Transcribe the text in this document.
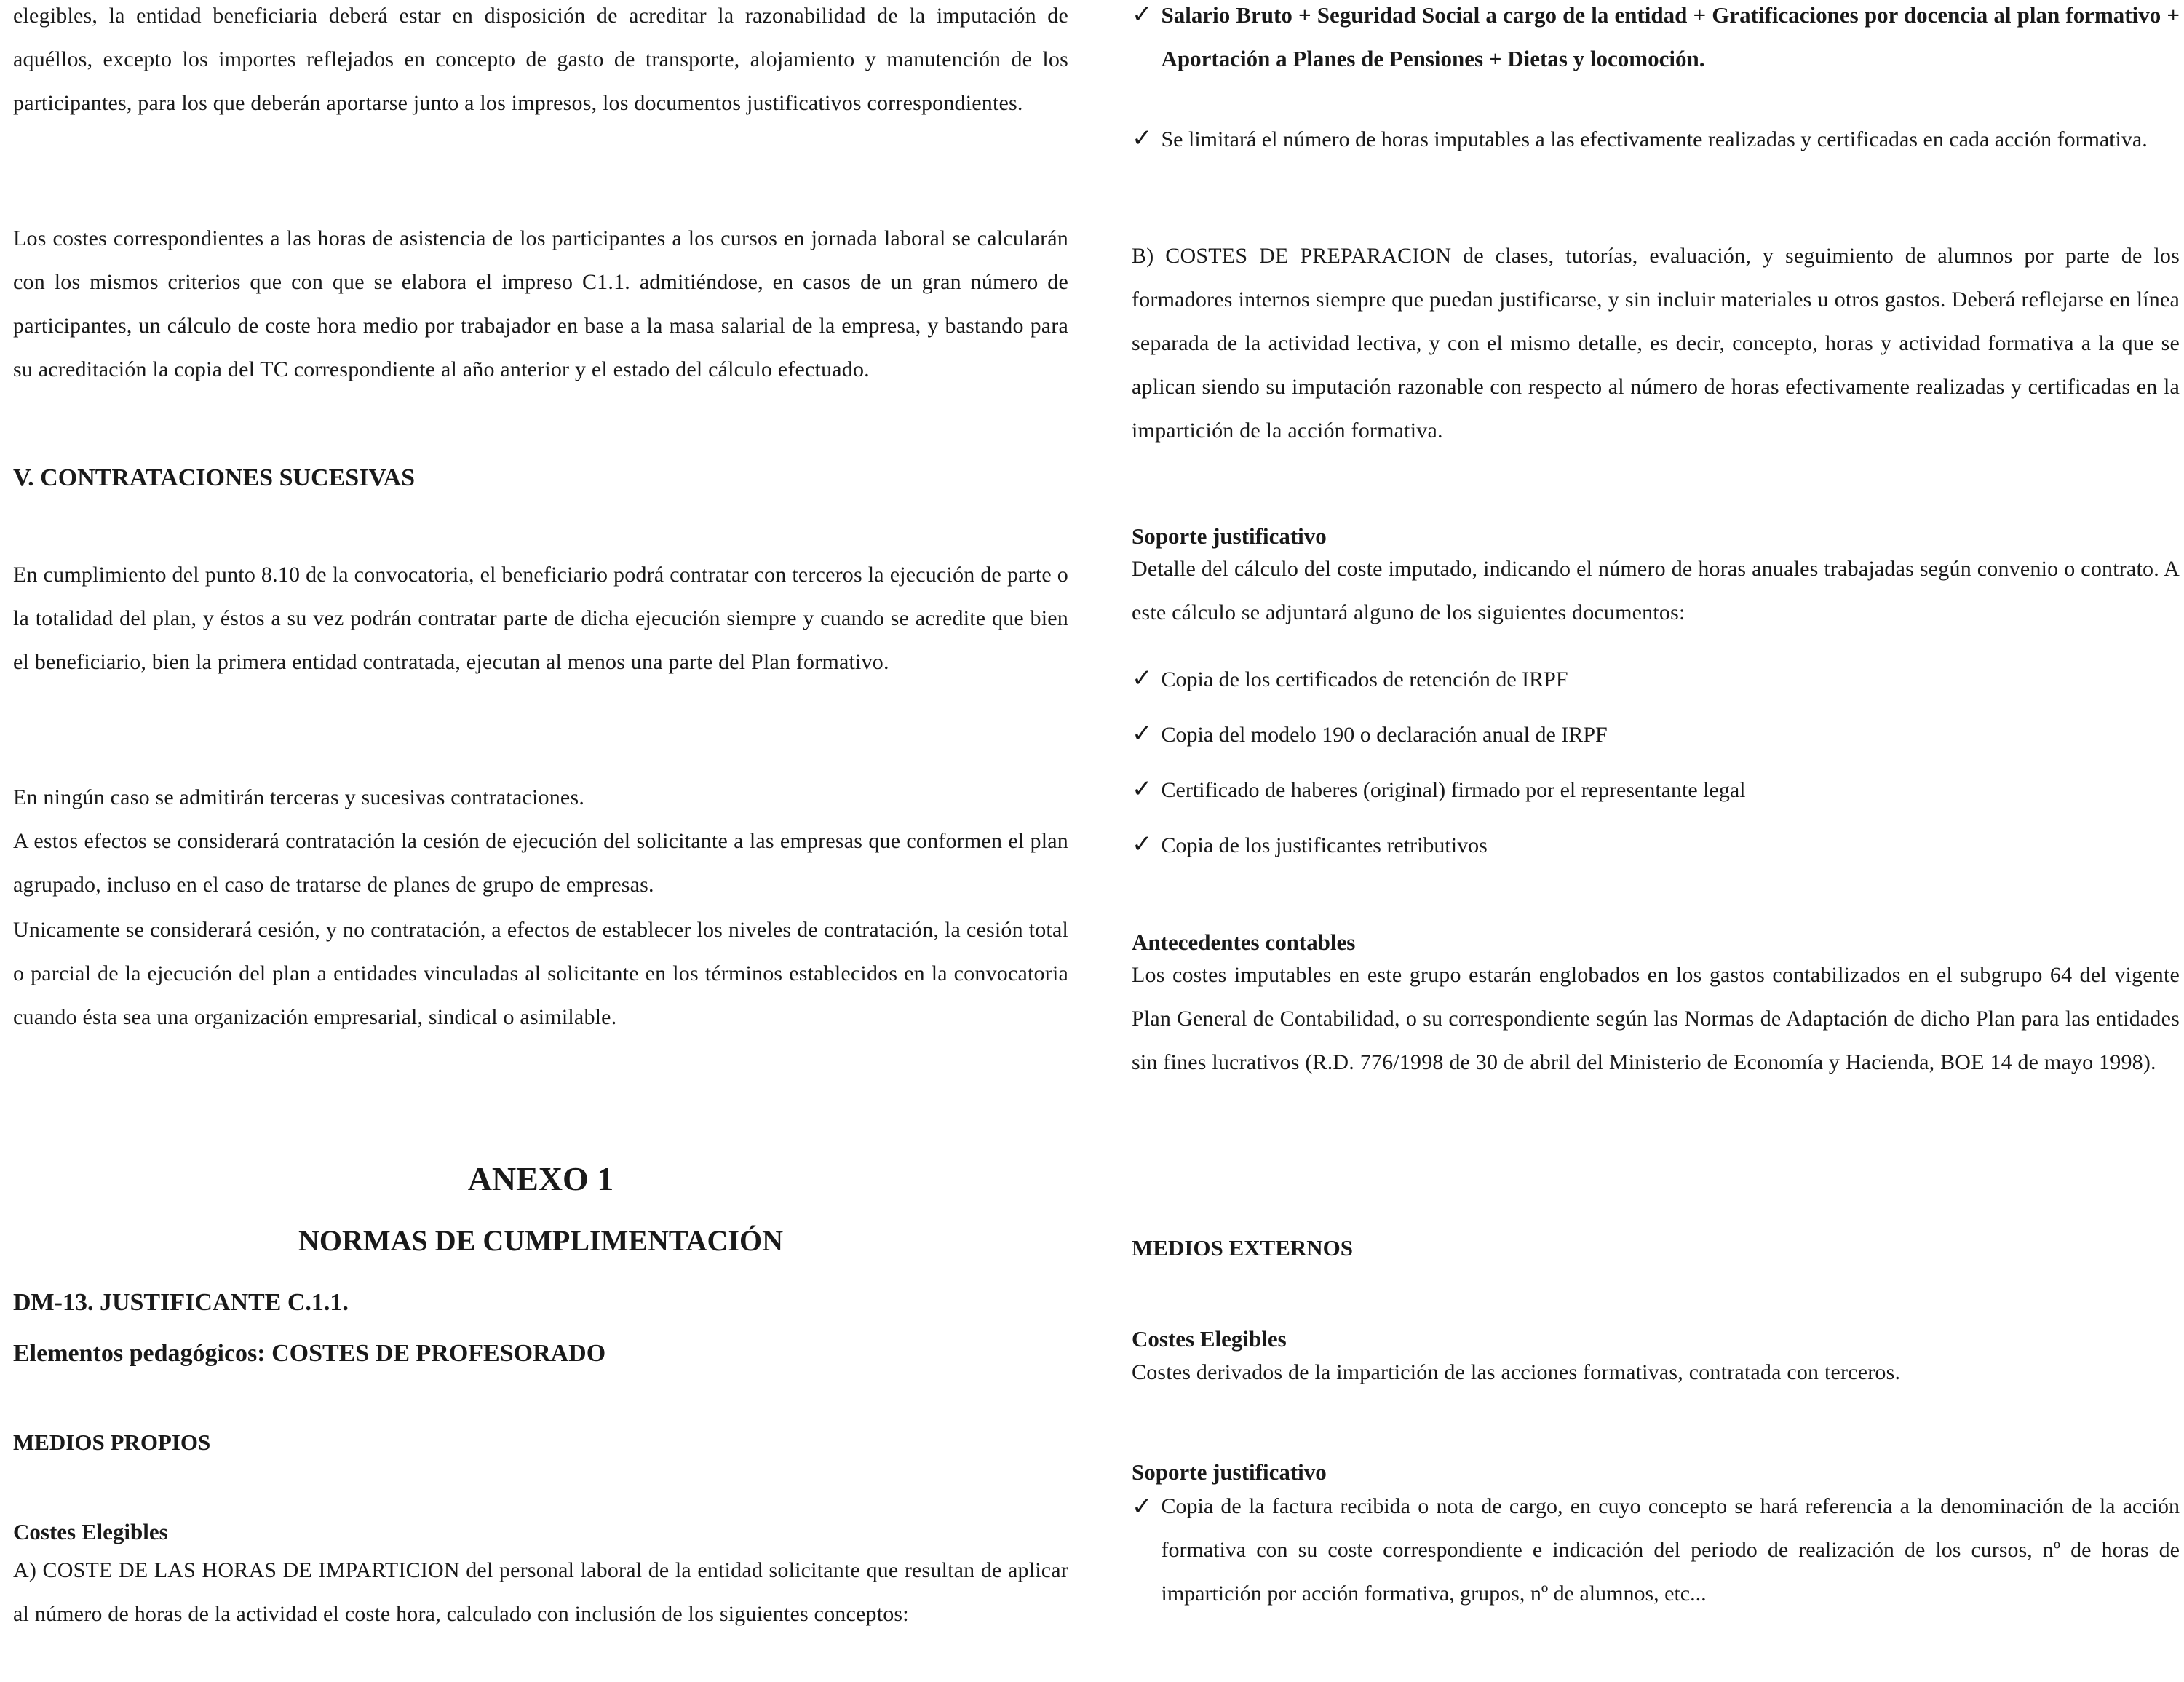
elegibles, la entidad beneficiaria deberá estar en disposición de acreditar la razonabilidad de la imputación de aquéllos, excepto los importes reflejados en concepto de gasto de transporte, alojamiento y manutención de los participantes, para los que deberán aportarse junto a los impresos, los documentos justificativos correspondientes.

Los costes correspondientes a las horas de asistencia de los participantes a los cursos en jornada laboral se calcularán con los mismos criterios que con que se elabora el impreso C1.1. admitiéndose, en casos de un gran número de participantes, un cálculo de coste hora medio por trabajador en base a la masa salarial de la empresa, y bastando para su acreditación la copia del TC correspondiente al año anterior y el estado del cálculo efectuado.

V. CONTRATACIONES SUCESIVAS

En cumplimiento del punto 8.10 de la convocatoria, el beneficiario podrá contratar con terceros la ejecución de parte o la totalidad del plan, y éstos a su vez podrán contratar parte de dicha ejecución siempre y cuando se acredite que bien el beneficiario, bien la primera entidad contratada, ejecutan al menos una parte del Plan formativo.

En ningún caso se admitirán terceras y sucesivas contrataciones.

A estos efectos se considerará contratación la cesión de ejecución del solicitante a las empresas que conformen el plan agrupado, incluso en el caso de tratarse de planes de grupo de empresas.

Unicamente se considerará cesión, y no contratación, a efectos de establecer los niveles de contratación, la cesión total o parcial de la ejecución del plan a entidades vinculadas al solicitante en los términos establecidos en la convocatoria cuando ésta sea una organización empresarial, sindical o asimilable.

ANEXO 1
NORMAS DE CUMPLIMENTACIÓN
DM-13. JUSTIFICANTE C.1.1.
Elementos pedagógicos: COSTES DE PROFESORADO
MEDIOS PROPIOS
Costes Elegibles

A) COSTE DE LAS HORAS DE IMPARTICION del personal laboral de la entidad solicitante que resultan de aplicar al número de horas de la actividad el coste hora, calculado con inclusión de los siguientes conceptos:

✓ Salario Bruto + Seguridad Social a cargo de la entidad + Gratificaciones por docencia al plan formativo + Aportación a Planes de Pensiones + Dietas y locomoción.
✓ Se limitará el número de horas imputables a las efectivamente realizadas y certificadas en cada acción formativa.

B) COSTES DE PREPARACION de clases, tutorías, evaluación, y seguimiento de alumnos por parte de los formadores internos siempre que puedan justificarse, y sin incluir materiales u otros gastos. Deberá reflejarse en línea separada de la actividad lectiva, y con el mismo detalle, es decir, concepto, horas y actividad formativa a la que se aplican siendo su imputación razonable con respecto al número de horas efectivamente realizadas y certificadas en la impartición de la acción formativa.

Soporte justificativo

Detalle del cálculo del coste imputado, indicando el número de horas anuales trabajadas según convenio o contrato. A este cálculo se adjuntará alguno de los siguientes documentos:

✓ Copia de los certificados de retención de IRPF
✓ Copia del modelo 190 o declaración anual de IRPF
✓ Certificado de haberes (original) firmado por el representante legal
✓ Copia de los justificantes retributivos
Antecedentes contables

Los costes imputables en este grupo estarán englobados en los gastos contabilizados en el subgrupo 64 del vigente Plan General de Contabilidad, o su correspondiente según las Normas de Adaptación de dicho Plan para las entidades sin fines lucrativos (R.D. 776/1998 de 30 de abril del Ministerio de Economía y Hacienda, BOE 14 de mayo 1998).

MEDIOS EXTERNOS
Costes Elegibles

Costes derivados de la impartición de las acciones formativas, contratada con terceros.

Soporte justificativo
✓ Copia de la factura recibida o nota de cargo, en cuyo concepto se hará referencia a la denominación de la acción formativa con su coste correspondiente e indicación del periodo de realización de los cursos, nº de horas de impartición por acción formativa, grupos, nº de alumnos, etc...
